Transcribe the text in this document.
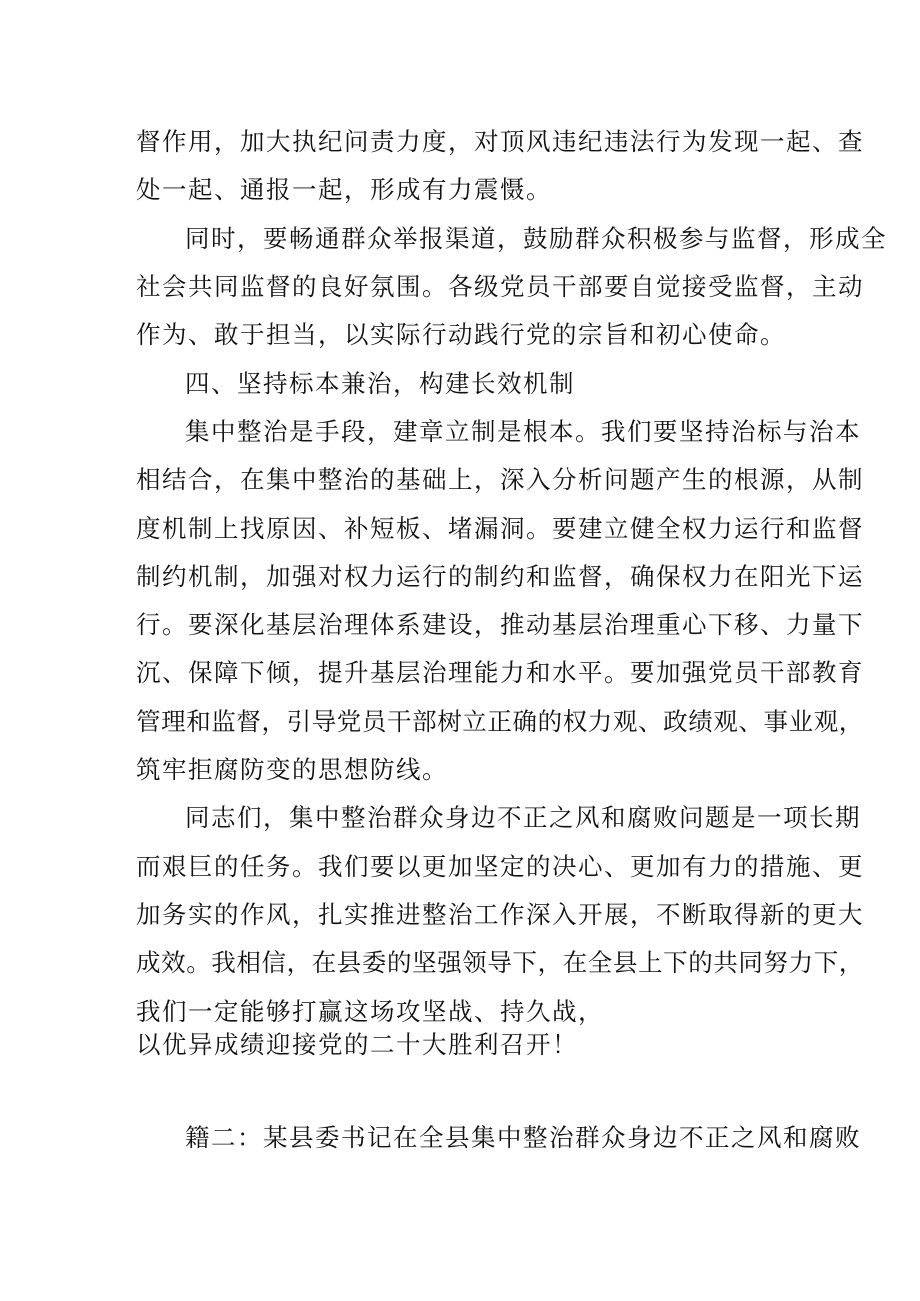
督作用，加大执纪问责力度，对顶风违纪违法行为发现一起、查
处一起、通报一起，形成有力震慑。
同时，要畅通群众举报渠道，鼓励群众积极参与监督，形成全
社会共同监督的良好氛围。各级党员干部要自觉接受监督，主动
作为、敢于担当，以实际行动践行党的宗旨和初心使命。
四、坚持标本兼治，构建长效机制
集中整治是手段，建章立制是根本。我们要坚持治标与治本
相结合，在集中整治的基础上，深入分析问题产生的根源，从制
度机制上找原因、补短板、堵漏洞。要建立健全权力运行和监督
制约机制，加强对权力运行的制约和监督，确保权力在阳光下运
行。要深化基层治理体系建设，推动基层治理重心下移、力量下
沉、保障下倾，提升基层治理能力和水平。要加强党员干部教育
管理和监督，引导党员干部树立正确的权力观、政绩观、事业观，
筑牢拒腐防变的思想防线。
同志们，集中整治群众身边不正之风和腐败问题是一项长期
而艰巨的任务。我们要以更加坚定的决心、更加有力的措施、更
加务实的作风，扎实推进整治工作深入开展，不断取得新的更大
成效。我相信，在县委的坚强领导下，在全县上下的共同努力下，
我们一定能够打赢这场攻坚战、持久战，
以优异成绩迎接党的二十大胜利召开！
籍二：某县委书记在全县集中整治群众身边不正之风和腐败
